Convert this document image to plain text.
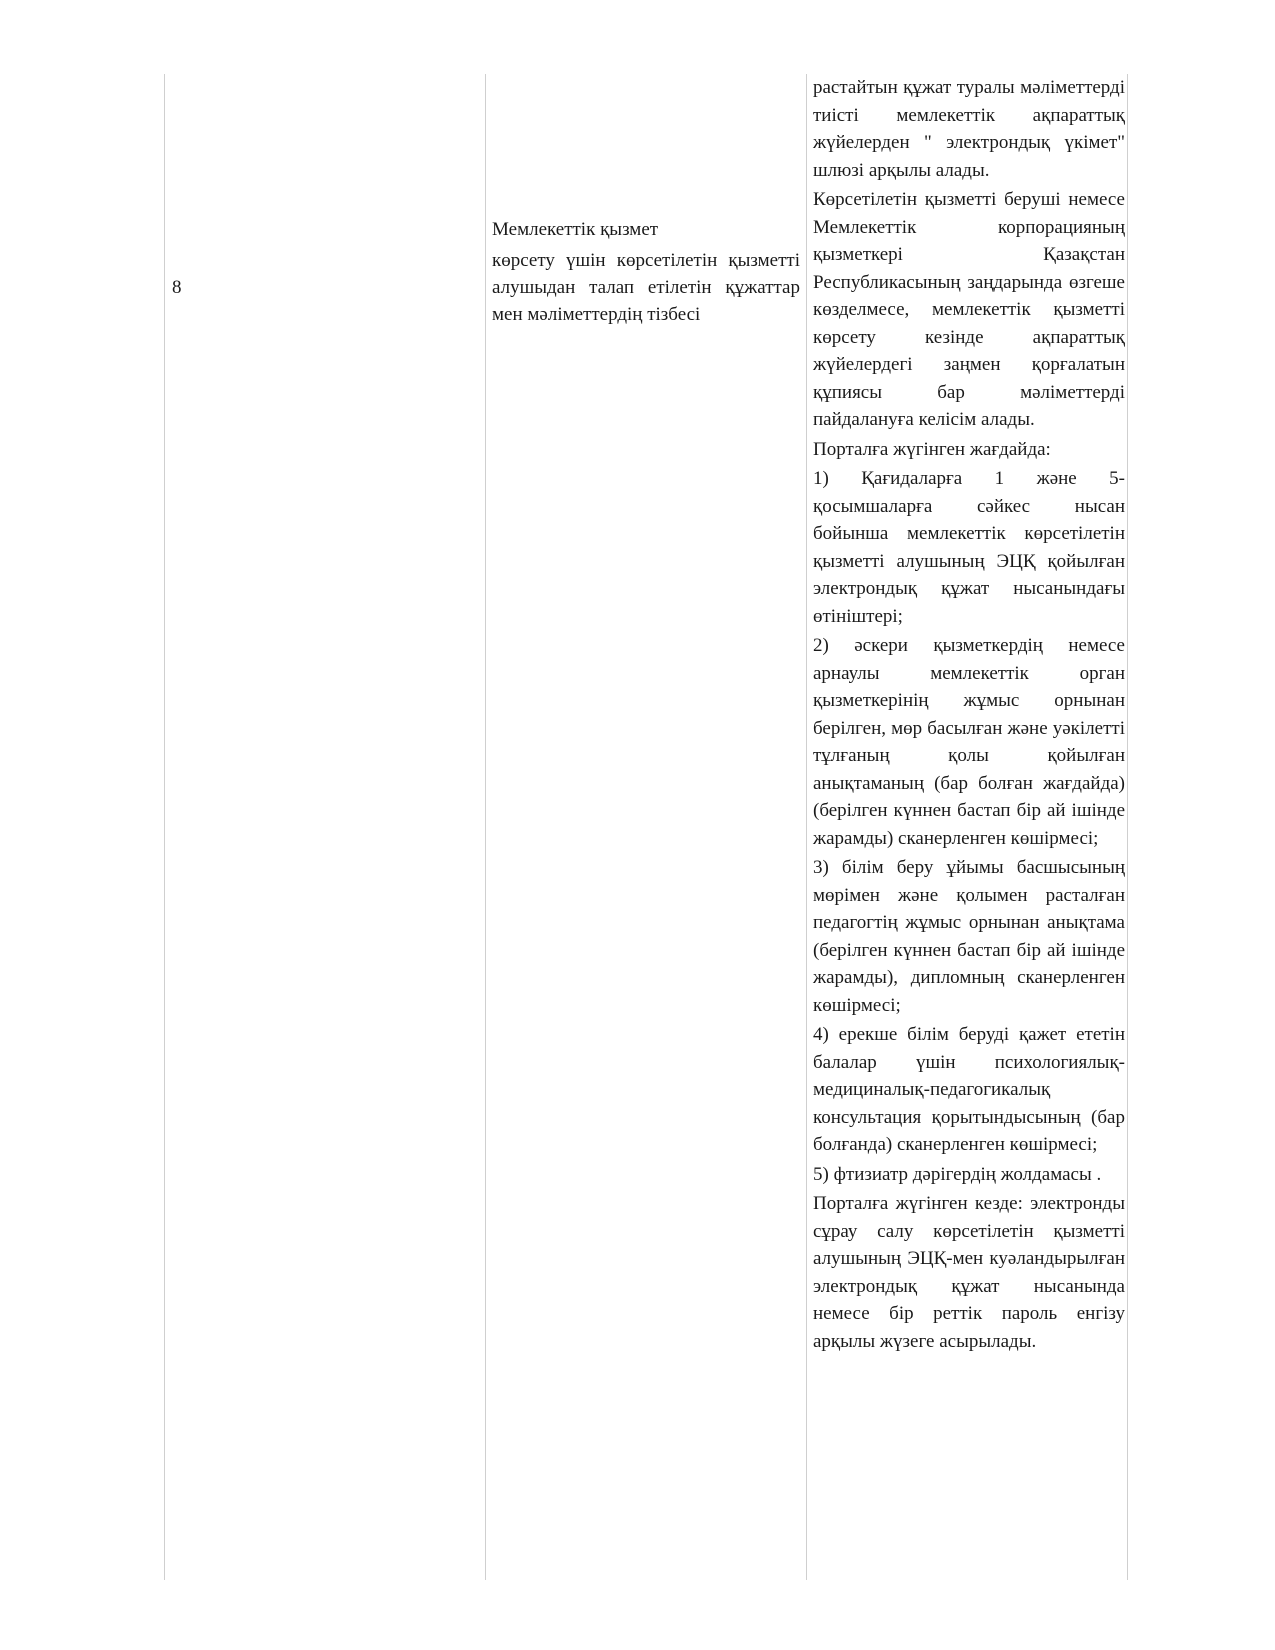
8

Мемлекеттік қызмет

көрсету үшін көрсетілетін қызметті алушыдан талап етілетін құжаттар мен мәліметтердің тізбесі

растайтын құжат туралы мәліметтерді тиісті мемлекеттік ақпараттық жүйелерден " электрондық үкімет" шлюзі арқылы алады.

Көрсетілетін қызметті беруші немесе Мемлекеттік корпорацияның қызметкері Қазақстан Республикасының заңдарында өзгеше көзделмесе, мемлекеттік қызметті көрсету кезінде ақпараттық жүйелердегі заңмен қорғалатын құпиясы бар мәліметтерді пайдалануға келісім алады.

Порталға жүгінген жағдайда:

1) Қағидаларға 1 және 5-қосымшаларға сәйкес нысан бойынша мемлекеттік көрсетілетін қызметті алушының ЭЦҚ қойылған электрондық құжат нысанындағы өтініштері;

2) әскери қызметкердің немесе арнаулы мемлекеттік орган қызметкерінің жұмыс орнынан берілген, мөр басылған және уәкілетті тұлғаның қолы қойылған анықтаманың (бар болған жағдайда) (берілген күннен бастап бір ай ішінде жарамды) сканерленген көшірмесі;

3) білім беру ұйымы басшысының мөрімен және қолымен расталған педагогтің жұмыс орнынан анықтама (берілген күннен бастап бір ай ішінде жарамды), дипломның сканерленген көшірмесі;

4) ерекше білім беруді қажет ететін балалар үшін психологиялық-медициналық-педагогикалық консультация қорытындысының (бар болғанда) сканерленген көшірмесі;

5) фтизиатр дәрігердің жолдамасы .

Порталға жүгінген кезде: электронды сұрау салу көрсетілетін қызметті алушының ЭЦҚ-мен куәландырылған электрондық құжат нысанында немесе бір реттік пароль енгізу арқылы жүзеге асырылады.
